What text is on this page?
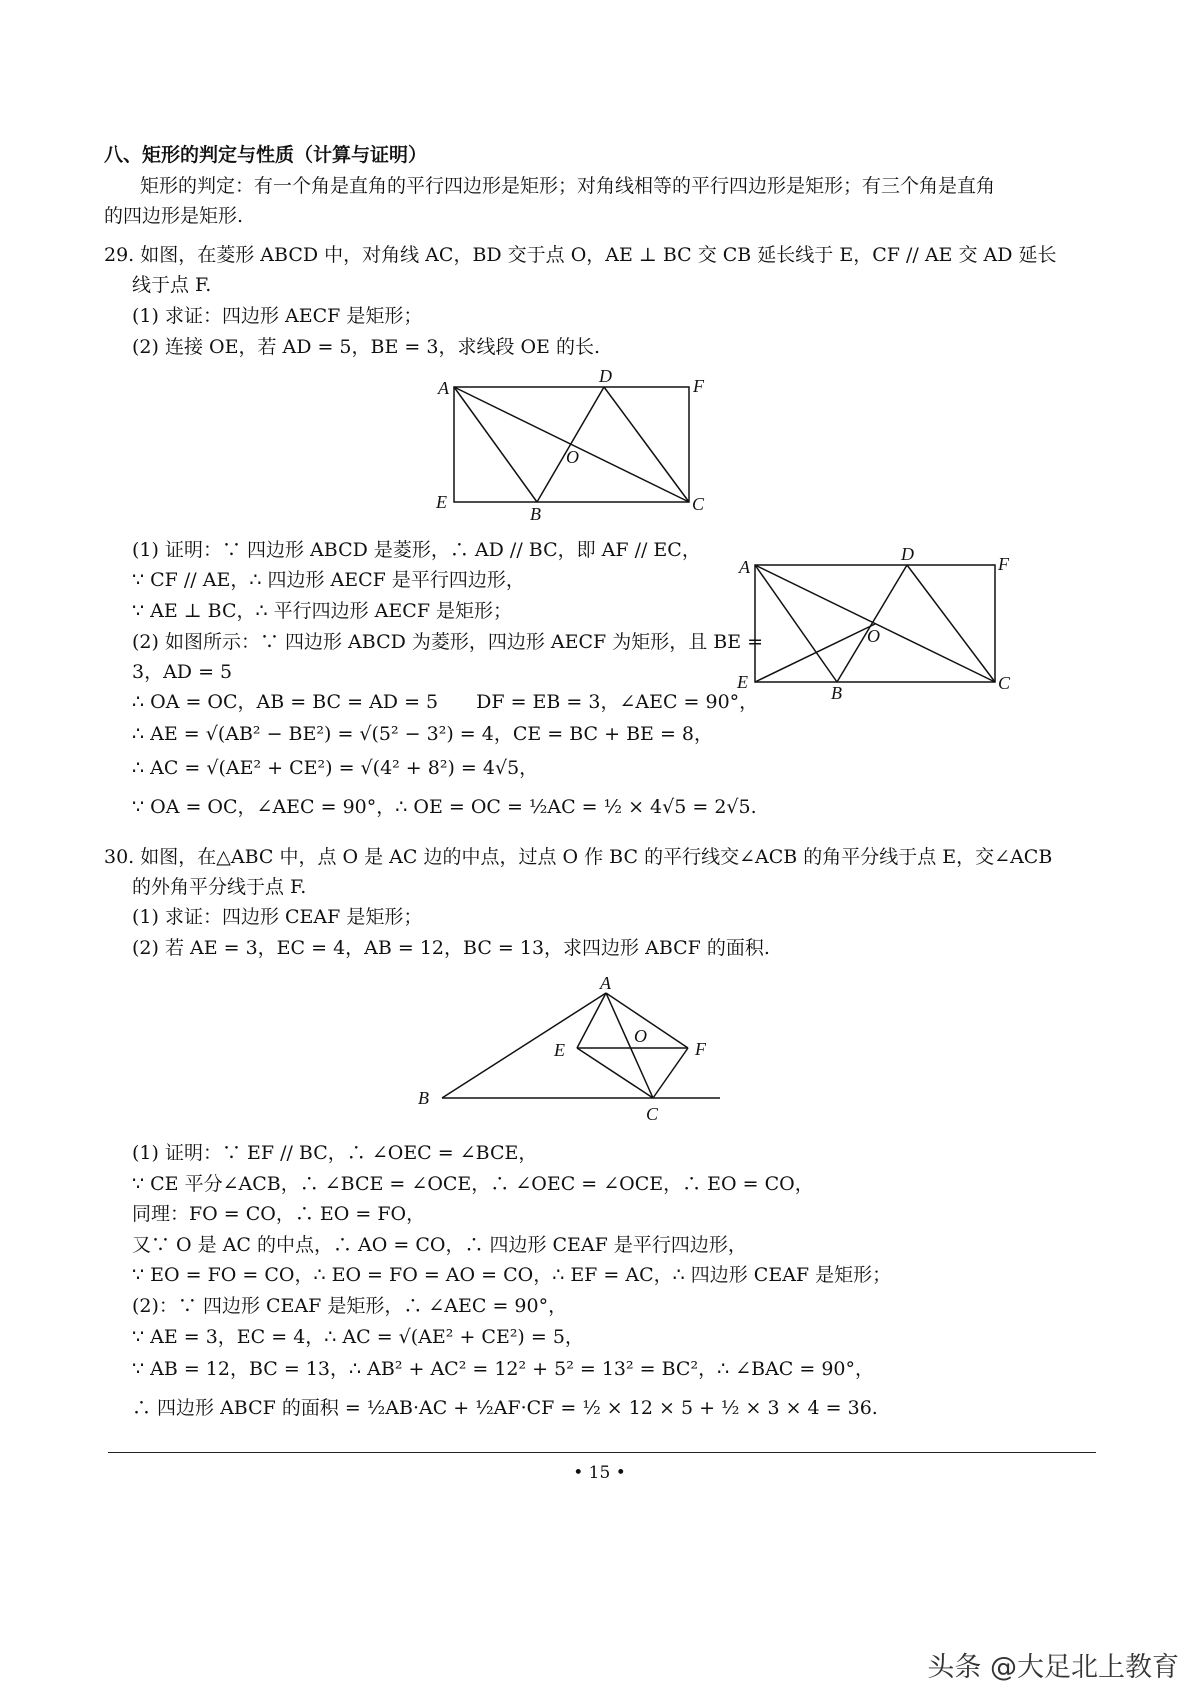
八、矩形的判定与性质（计算与证明）
矩形的判定：有一个角是直角的平行四边形是矩形；对角线相等的平行四边形是矩形；有三个角是直角
的四边形是矩形.
29. 如图，在菱形 ABCD 中，对角线 AC，BD 交于点 O，AE ⊥ BC 交 CB 延长线于 E，CF // AE 交 AD 延长
线于点 F.
(1) 求证：四边形 AECF 是矩形；
(2) 连接 OE，若 AD = 5，BE = 3，求线段 OE 的长.
A
D	F
O
E
B	C
A
D	F
O
E
B	C
(1) 证明：∵ 四边形 ABCD 是菱形，∴ AD // BC，即 AF // EC，
∵ CF // AE，∴ 四边形 AECF 是平行四边形，
∵ AE ⊥ BC，∴ 平行四边形 AECF 是矩形；
(2) 如图所示：∵ 四边形 ABCD 为菱形，四边形 AECF 为矩形，且 BE =
3，AD = 5
∴ OA = OC，AB = BC = AD = 5　　DF = EB = 3，∠AEC = 90°，
∴ AE = √(AB² − BE²) = √(5² − 3²) = 4，CE = BC + BE = 8，
∴ AC = √(AE² + CE²) = √(4² + 8²) = 4√5，
∵ OA = OC，∠AEC = 90°，∴ OE = OC = ½AC = ½ × 4√5 = 2√5.
30. 如图，在△ABC 中，点 O 是 AC 边的中点，过点 O 作 BC 的平行线交∠ACB 的角平分线于点 E，交∠ACB
的外角平分线于点 F.
(1) 求证：四边形 CEAF 是矩形；
(2) 若 AE = 3，EC = 4，AB = 12，BC = 13，求四边形 ABCF 的面积.
A
O
E	F
B
C
(1) 证明：∵ EF // BC，∴ ∠OEC = ∠BCE，
∵ CE 平分∠ACB，∴ ∠BCE = ∠OCE，∴ ∠OEC = ∠OCE，∴ EO = CO，
同理：FO = CO，∴ EO = FO，
又∵ O 是 AC 的中点，∴ AO = CO，∴ 四边形 CEAF 是平行四边形，
∵ EO = FO = CO，∴ EO = FO = AO = CO，∴ EF = AC，∴ 四边形 CEAF 是矩形；
(2)：∵ 四边形 CEAF 是矩形，∴ ∠AEC = 90°，
∵ AE = 3，EC = 4，∴ AC = √(AE² + CE²) = 5，
∵ AB = 12，BC = 13，∴ AB² + AC² = 12² + 5² = 13² = BC²，∴ ∠BAC = 90°，
∴ 四边形 ABCF 的面积 = ½AB·AC + ½AF·CF = ½ × 12 × 5 + ½ × 3 × 4 = 36.
• 15 •
头条 @大足北上教育
